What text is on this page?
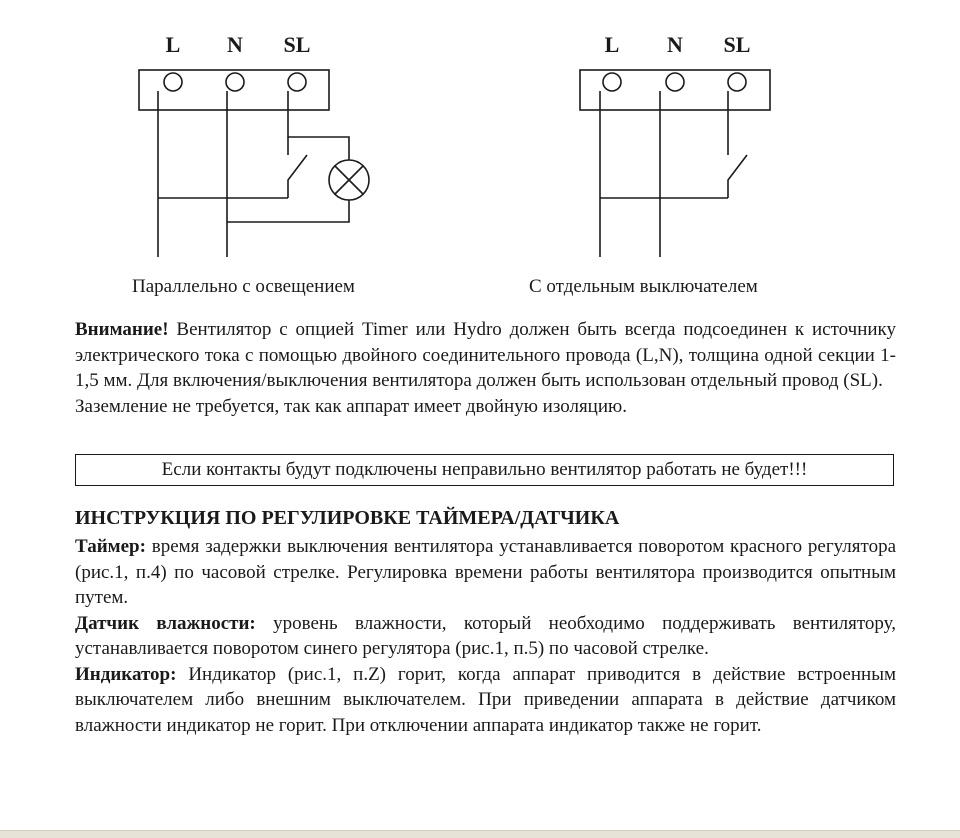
L N SL	L N SL
Параллельно с освещением	С отдельным выключателем

Внимание! Вентилятор с опцией Timer или Hydro должен быть всегда подсоединен к источнику электрического тока с помощью двойного соединительного провода (L,N), толщина одной секции 1-1,5 мм. Для включения/выключения вентилятора должен быть использован отдельный провод (SL).

Заземление не требуется, так как аппарат имеет двойную изоляцию.

Если контакты будут подключены неправильно вентилятор работать не будет!!!
ИНСТРУКЦИЯ ПО РЕГУЛИРОВКЕ ТАЙМЕРА/ДАТЧИКА

Таймер: время задержки выключения вентилятора устанавливается поворотом красного регулятора (рис.1, п.4) по часовой стрелке. Регулировка времени работы вентилятора производится опытным путем.

Датчик влажности: уровень влажности, который необходимо поддерживать вентилятору, устанавливается поворотом синего регулятора (рис.1, п.5) по часовой стрелке.

Индикатор: Индикатор (рис.1, п.Z) горит, когда аппарат приводится в действие встроенным выключателем либо внешним выключателем. При приведении аппарата в действие датчиком влажности индикатор не горит. При отключении аппарата индикатор также не горит.
